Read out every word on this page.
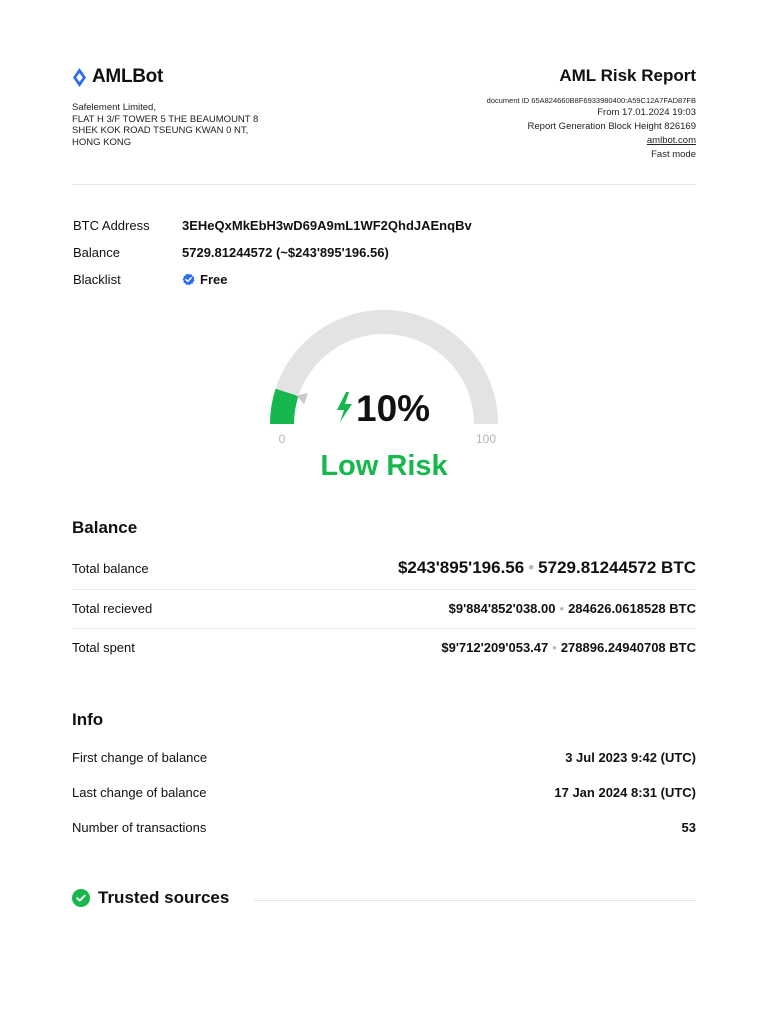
AMLBot
Safelement Limited,
FLAT H 3/F TOWER 5 THE BEAUMOUNT 8
SHEK KOK ROAD TSEUNG KWAN 0 NT,
HONG KONG
AML Risk Report
document ID 65A824660B8F6933980400:A59C12A7FAD87FB
From 17.01.2024 19:03
Report Generation Block Height 826169
amlbot.com
Fast mode
BTC Address	3EHeQxMkEbH3wD69A9mL1WF2QhdJAEnqBv
Balance	5729.81244572 (~$243'895'196.56)
Blacklist	Free
10%
0	100
Low Risk
Balance
Total balance	$243'895'196.56 • 5729.81244572 BTC
Total recieved	$9'884'852'038.00 • 284626.0618528 BTC
Total spent	$9'712'209'053.47 • 278896.24940708 BTC
Info
First change of balance	3 Jul 2023 9:42 (UTC)
Last change of balance	17 Jan 2024 8:31 (UTC)
Number of transactions	53
Trusted sources
